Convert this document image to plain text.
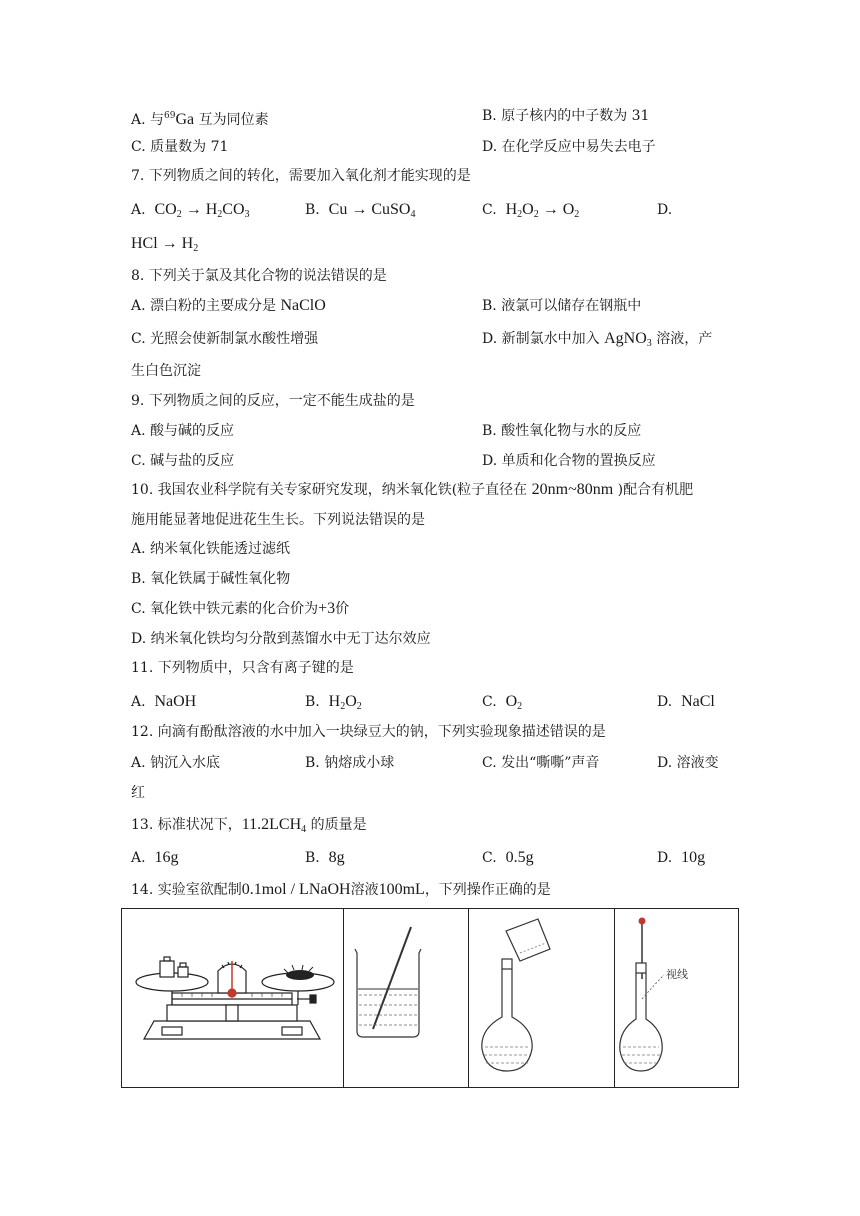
A. 与$^{69}$Ga 互为同位素	B. 原子核内的中子数为 31
C. 质量数为 71	D. 在化学反应中易失去电子
7. 下列物质之间的转化，需要加入氧化剂才能实现的是
A. $CO_2 \to H_2CO_3$	B. Cu → CuSO$_4$	C. $H_2O_2 \to O_2$	D.
HCl → $H_2$
8. 下列关于氯及其化合物的说法错误的是
A. 漂白粉的主要成分是 NaClO	B. 液氯可以储存在钢瓶中
C. 光照会使新制氯水酸性增强	D. 新制氯水中加入 AgNO$_3$ 溶液，产
生白色沉淀
9. 下列物质之间的反应，一定不能生成盐的是
A. 酸与碱的反应	B. 酸性氧化物与水的反应
C. 碱与盐的反应	D. 单质和化合物的置换反应
10. 我国农业科学院有关专家研究发现，纳米氧化铁(粒子直径在 20nm~80nm )配合有机肥
施用能显著地促进花生生长。下列说法错误的是
A. 纳米氧化铁能透过滤纸
B. 氧化铁属于碱性氧化物
C. 氧化铁中铁元素的化合价为+3价
D. 纳米氧化铁均匀分散到蒸馏水中无丁达尔效应
11. 下列物质中，只含有离子键的是
A. NaOH	B. $H_2O_2$	C. $O_2$	D. NaCl
12. 向滴有酚酞溶液的水中加入一块绿豆大的钠，下列实验现象描述错误的是
A. 钠沉入水底	B. 钠熔成小球	C. 发出“嘶嘶”声音	D. 溶液变
红
13. 标准状况下，$11.2LCH_4$ 的质量是
A. 16g	B. 8g	C. 0.5g	D. 10g
14. 实验室欲配制0.1mol / LNaOH溶液100mL，下列操作正确的是
视线
